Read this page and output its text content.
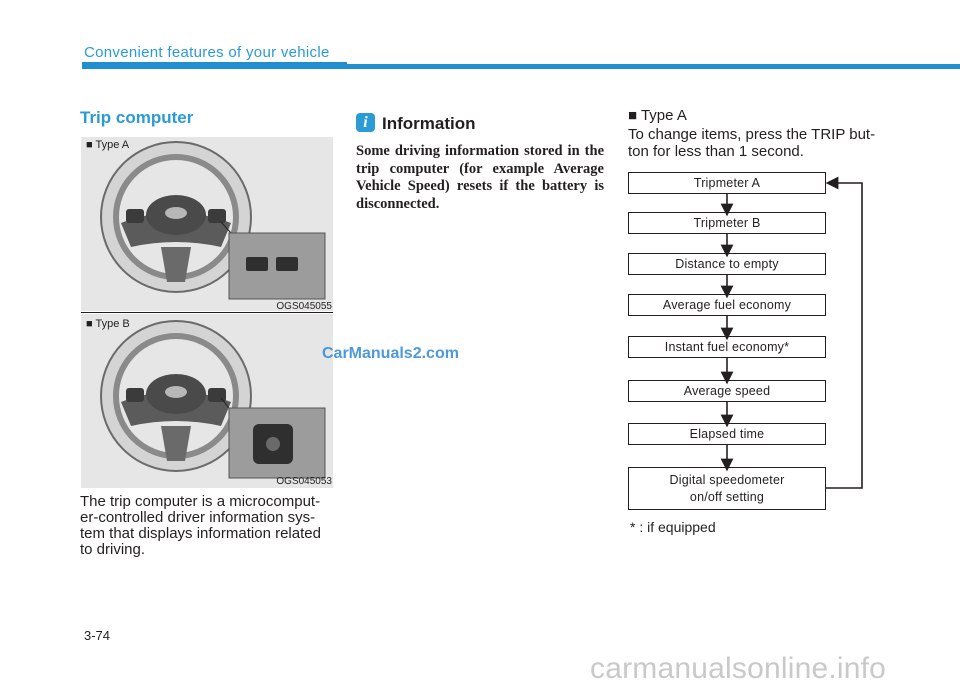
Convenient features of your vehicle
Trip computer
■ Type A
OGS045055
■ Type B
OGS045053
The trip computer is a microcomput-er-controlled driver information sys-tem that displays information related to driving.
CarManuals2.com
i Information
Some driving information stored in the trip computer (for example Average Vehicle Speed) resets if the battery is disconnected.
■ Type A
To change items, press the TRIP but-ton for less than 1 second.
Tripmeter A
Tripmeter B
Distance to empty
Average fuel economy
Instant fuel economy*
Average speed
Elapsed time
Digital speedometer on/off setting
* : if equipped
3-74
carmanualsonline.info
